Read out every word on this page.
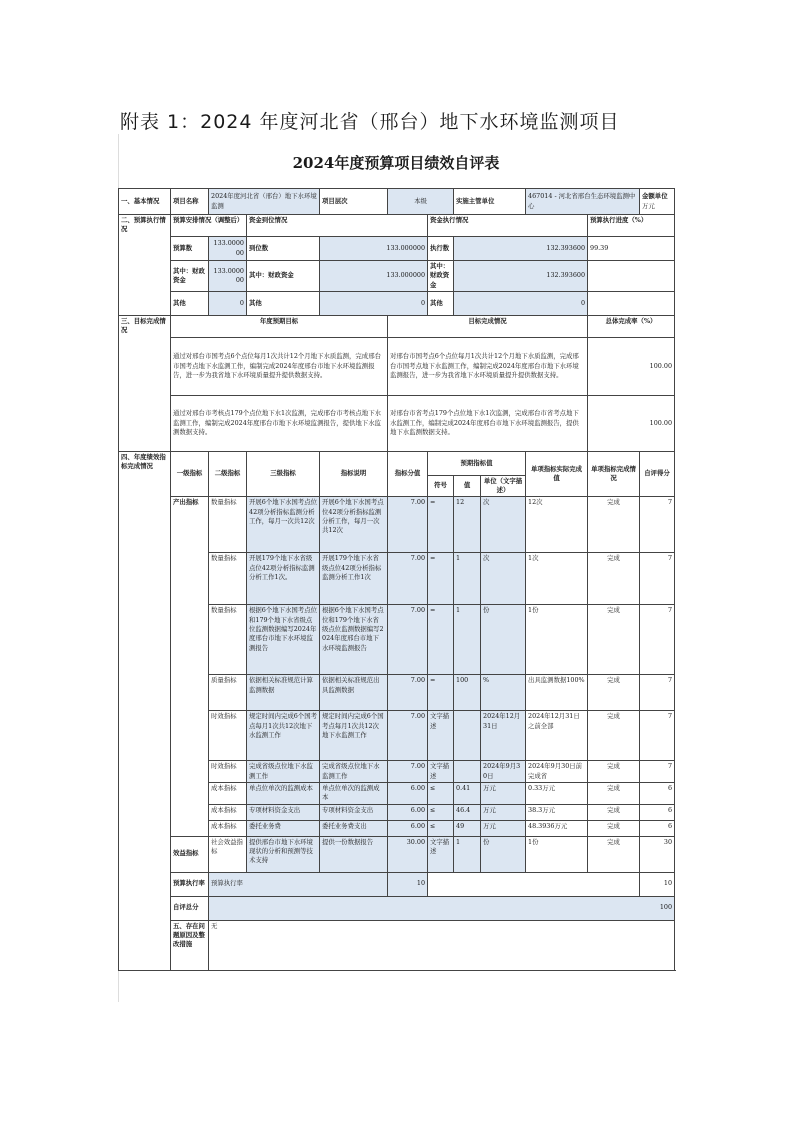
附表 1：2024 年度河北省（邢台）地下水环境监测项目
2024年度预算项目绩效自评表
一、基本情况	项目名称	2024年度河北省（邢台）地下水环境监测		项目层次	本级		实施主管单位		467014 - 河北省邢台生态环境监测中心		金额单位
万元
二、预算执行情况	预算安排情况（调整后）		资金到位情况			资金执行情况				预算执行进度（%）	
	预算数	133.000000	到位数	133.000000		执行数	132.393600			99.39	
	其中：财政资金	133.000000	其中：财政资金	133.000000		其中：财政资金	132.393600				
	其他	0	其他	0		其他	0				
三、目标完成情况	年度预期目标				目标完成情况					总体完成率（%）	
	通过对邢台市国考点6个点位每月1次共计12个月地下水质监测，完成邢台市国考点地下水监测工作，编制完成2024年度邢台市地下水环境监测报告，进一步为我省地下水环境质量提升提供数据支持。				对邢台市国考点6个点位每月1次共计12个月地下水质监测，完成邢台市国考点地下水监测工作，编制完成2024年度邢台市地下水环境监测报告，进一步为我省地下水环境质量提升提供数据支持。					100.00	
	通过对邢台市考核点179个点位地下水1次监测，完成邢台市考核点地下水监测工作，编制完成2024年度邢台市地下水环境监测报告，提供地下水监测数据支持。				对邢台市省考点179个点位地下水1次监测，完成邢台市省考点地下水监测工作，编制完成2024年度邢台市地下水环境监测报告，提供地下水监测数据支持。					100.00	
四、年度绩效指标完成情况	一级指标	二级指标	三级指标	指标说明	指标分值	预期指标值			单项指标实际完成值	单项指标完成情况	自评得分
						符号	值	单位（文字描述）			
	产出指标	数量指标	开展6个地下水国考点位42项分析指标监测分析工作，每月一次共12次	开展6个地下水国考点位42项分析指标监测分析工作，每月一次共12次	7.00	=	12	次	12次	完成	7
		数量指标	开展179个地下水省级点位42项分析指标监测分析工作1次。	开展179个地下水省级点位42项分析指标监测分析工作1次	7.00	=	1	次	1次	完成	7
		数量指标	根据6个地下水国考点位和179个地下水省级点位监测数据编写2024年度邢台市地下水环境监测报告	根据6个地下水国考点位和179个地下水省级点位监测数据编写2024年度邢台市地下水环境监测报告	7.00	=	1	份	1份	完成	7
		质量指标	依据相关标准规范计算监测数据	依据相关标准规范出具监测数据	7.00	=	100	%	出具监测数据100%	完成	7
		时效指标	规定时间内完成6个国考点每月1次共12次地下水监测工作	规定时间内完成6个国考点每月1次共12次地下水监测工作	7.00	文字描述		2024年12月31日	2024年12月31日之前全部	完成	7
		时效指标	完成省级点位地下水监测工作	完成省级点位地下水监测工作	7.00	文字描述		2024年9月30日	2024年9月30日前完成省	完成	7
		成本指标	单点位单次的监测成本	单点位单次的监测成本	6.00	≤	0.41	万元	0.33万元	完成	6
		成本指标	专项材料资金支出	专项材料资金支出	6.00	≤	46.4	万元	38.3万元	完成	6
		成本指标	委托业务费	委托业务费支出	6.00	≤	49	万元	48.3936万元	完成	6
	效益指标	社会效益指标	提供邢台市地下水环境现状的分析和预测等技术支持	提供一份数据报告	30.00	文字描述	1	份	1份	完成	30
	预算执行率	预算执行率			10						10
	自评总分	100									
	五、存在问题原因及整改措施	无									
